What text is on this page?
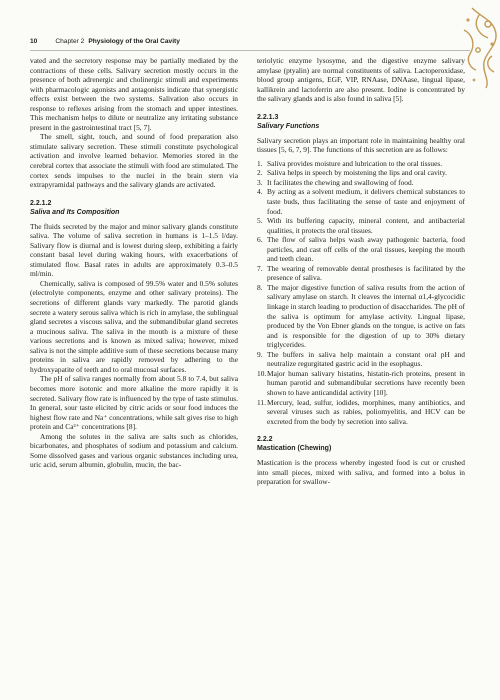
10	Chapter 2 Physiology of the Oral Cavity

vated and the secretory response may be partially mediated by the contractions of these cells. Salivary secretion mostly occurs in the presence of both adrenergic and cholinergic stimuli and experiments with pharmacologic agonists and antagonists indicate that synergistic effects exist between the two systems. Salivation also occurs in response to reflexes arising from the stomach and upper intestines. This mechanism helps to dilute or neutralize any irritating substance present in the gastrointestinal tract [5, 7].

The smell, sight, touch, and sound of food preparation also stimulate salivary secretion. These stimuli constitute psychological activation and involve learned behavior. Memories stored in the cerebral cortex that associate the stimuli with food are stimulated. The cortex sends impulses to the nuclei in the brain stern via extrapyramidal pathways and the salivary glands are activated.

2.2.1.2
Saliva and Its Composition

The fluids secreted by the major and minor salivary glands constitute saliva. The volume of saliva secretion in humans is 1–1.5 l/day. Salivary flow is diurnal and is lowest during sleep, exhibiting a fairly constant basal level during waking hours, with exacerbations of stimulated flow. Basal rates in adults are approximately 0.3–0.5 ml/min.

Chemically, saliva is composed of 99.5% water and 0.5% solutes (electrolyte components, enzyme and other salivary proteins). The secretions of different glands vary markedly. The parotid glands secrete a watery serous saliva which is rich in amylase, the sublingual gland secretes a viscous saliva, and the submandibular gland secretes a mucinous saliva. The saliva in the mouth is a mixture of these various secretions and is known as mixed saliva; however, mixed saliva is not the simple additive sum of these secretions because many proteins in saliva are rapidly removed by adhering to the hydroxyapatite of teeth and to oral mucosal surfaces.

The pH of saliva ranges normally from about 5.8 to 7.4, but saliva becomes more isotonic and more alkaline the more rapidly it is secreted. Salivary flow rate is influenced by the type of taste stimulus. In general, sour taste elicited by citric acids or sour food induces the highest flow rate and Na⁺ concentrations, while salt gives rise to high protein and Ca²⁺ concentrations [8].

Among the solutes in the saliva are salts such as chlorides, bicarbonates, and phosphates of sodium and potassium and calcium. Some dissolved gases and various organic substances including urea, uric acid, serum albumin, globulin, mucin, the bac-

teriolytic enzyme lysosyme, and the digestive enzyme salivary amylase (ptyalin) are normal constituents of saliva. Lactoperoxidase, blood group antigens, EGF, VIP, RNAase, DNAase, lingual lipase, kallikrein and lactoferrin are also present. Iodine is concentrated by the salivary glands and is also found in saliva [5].

2.2.1.3
Salivary Functions

Salivary secretion plays an important role in maintaining healthy oral tissues [5, 6, 7, 9]. The functions of this secretion are as follows:

1. Saliva provides moisture and lubrication to the oral tissues.
2. Saliva helps in speech by moistening the lips and oral cavity.
3. It facilitates the chewing and swallowing of food.
4. By acting as a solvent medium, it delivers chemical substances to taste buds, thus facilitating the sense of taste and enjoyment of food.
5. With its buffering capacity, mineral content, and antibacterial qualities, it protects the oral tissues.
6. The flow of saliva helps wash away pathogenic bacteria, food particles, and cast off cells of the oral tissues, keeping the mouth and teeth clean.
7. The wearing of removable dental prostheses is facilitated by the presence of saliva.
8. The major digestive function of saliva results from the action of salivary amylase on starch. It cleaves the internal α1,4-glycocidic linkage in starch leading to production of disaccharides. The pH of the saliva is optimum for amylase activity. Lingual lipase, produced by the Von Ebner glands on the tongue, is active on fats and is responsible for the digestion of up to 30% dietary triglycerides.
9. The buffers in saliva help maintain a constant oral pH and neutralize regurgitated gastric acid in the esophagus.
10. Major human salivary histatins, histatin-rich proteins, present in human parotid and submandibular secretions have recently been shown to have anticandidal activity [10].
11. Mercury, lead, sulfur, iodides, morphines, many antibiotics, and several viruses such as rabies, poliomyelitis, and HCV can be excreted from the body by secretion into saliva.
2.2.2
Mastication (Chewing)

Mastication is the process whereby ingested food is cut or crushed into small pieces, mixed with saliva, and formed into a bolus in preparation for swallow-
